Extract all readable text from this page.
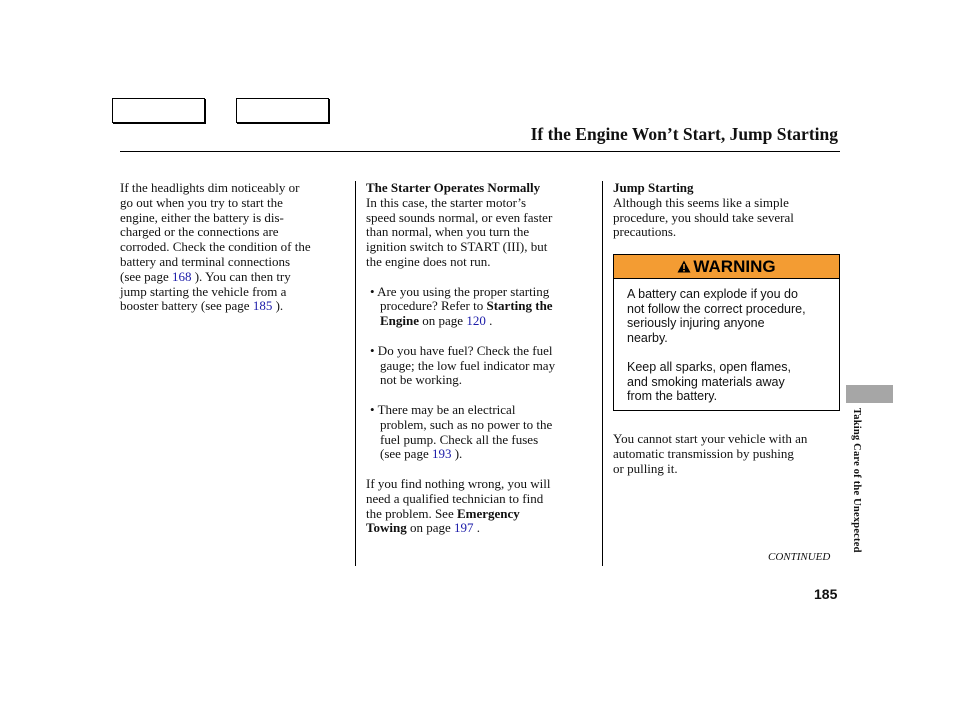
If the Engine Won’t Start, Jump Starting
If the headlights dim noticeably or
go out when you try to start the
engine, either the battery is dis-
charged or the connections are
corroded. Check the condition of the
battery and terminal connections
(see page 168 ). You can then try
jump starting the vehicle from a
booster battery (see page 185 ).
The Starter Operates Normally
In this case, the starter motor’s
speed sounds normal, or even faster
than normal, when you turn the
ignition switch to START (III), but
the engine does not run.
• Are you using the proper starting
procedure? Refer to Starting the
Engine on page 120 .
• Do you have fuel? Check the fuel
gauge; the low fuel indicator may
not be working.
• There may be an electrical
problem, such as no power to the
fuel pump. Check all the fuses
(see page 193 ).
If you find nothing wrong, you will
need a qualified technician to find
the problem. See Emergency
Towing on page 197 .
Jump Starting
Although this seems like a simple
procedure, you should take several
precautions.
WARNING
A battery can explode if you do
not follow the correct procedure,
seriously injuring anyone
nearby.
Keep all sparks, open flames,
and smoking materials away
from the battery.
You cannot start your vehicle with an
automatic transmission by pushing
or pulling it.
CONTINUED
185
Taking Care of the Unexpected
